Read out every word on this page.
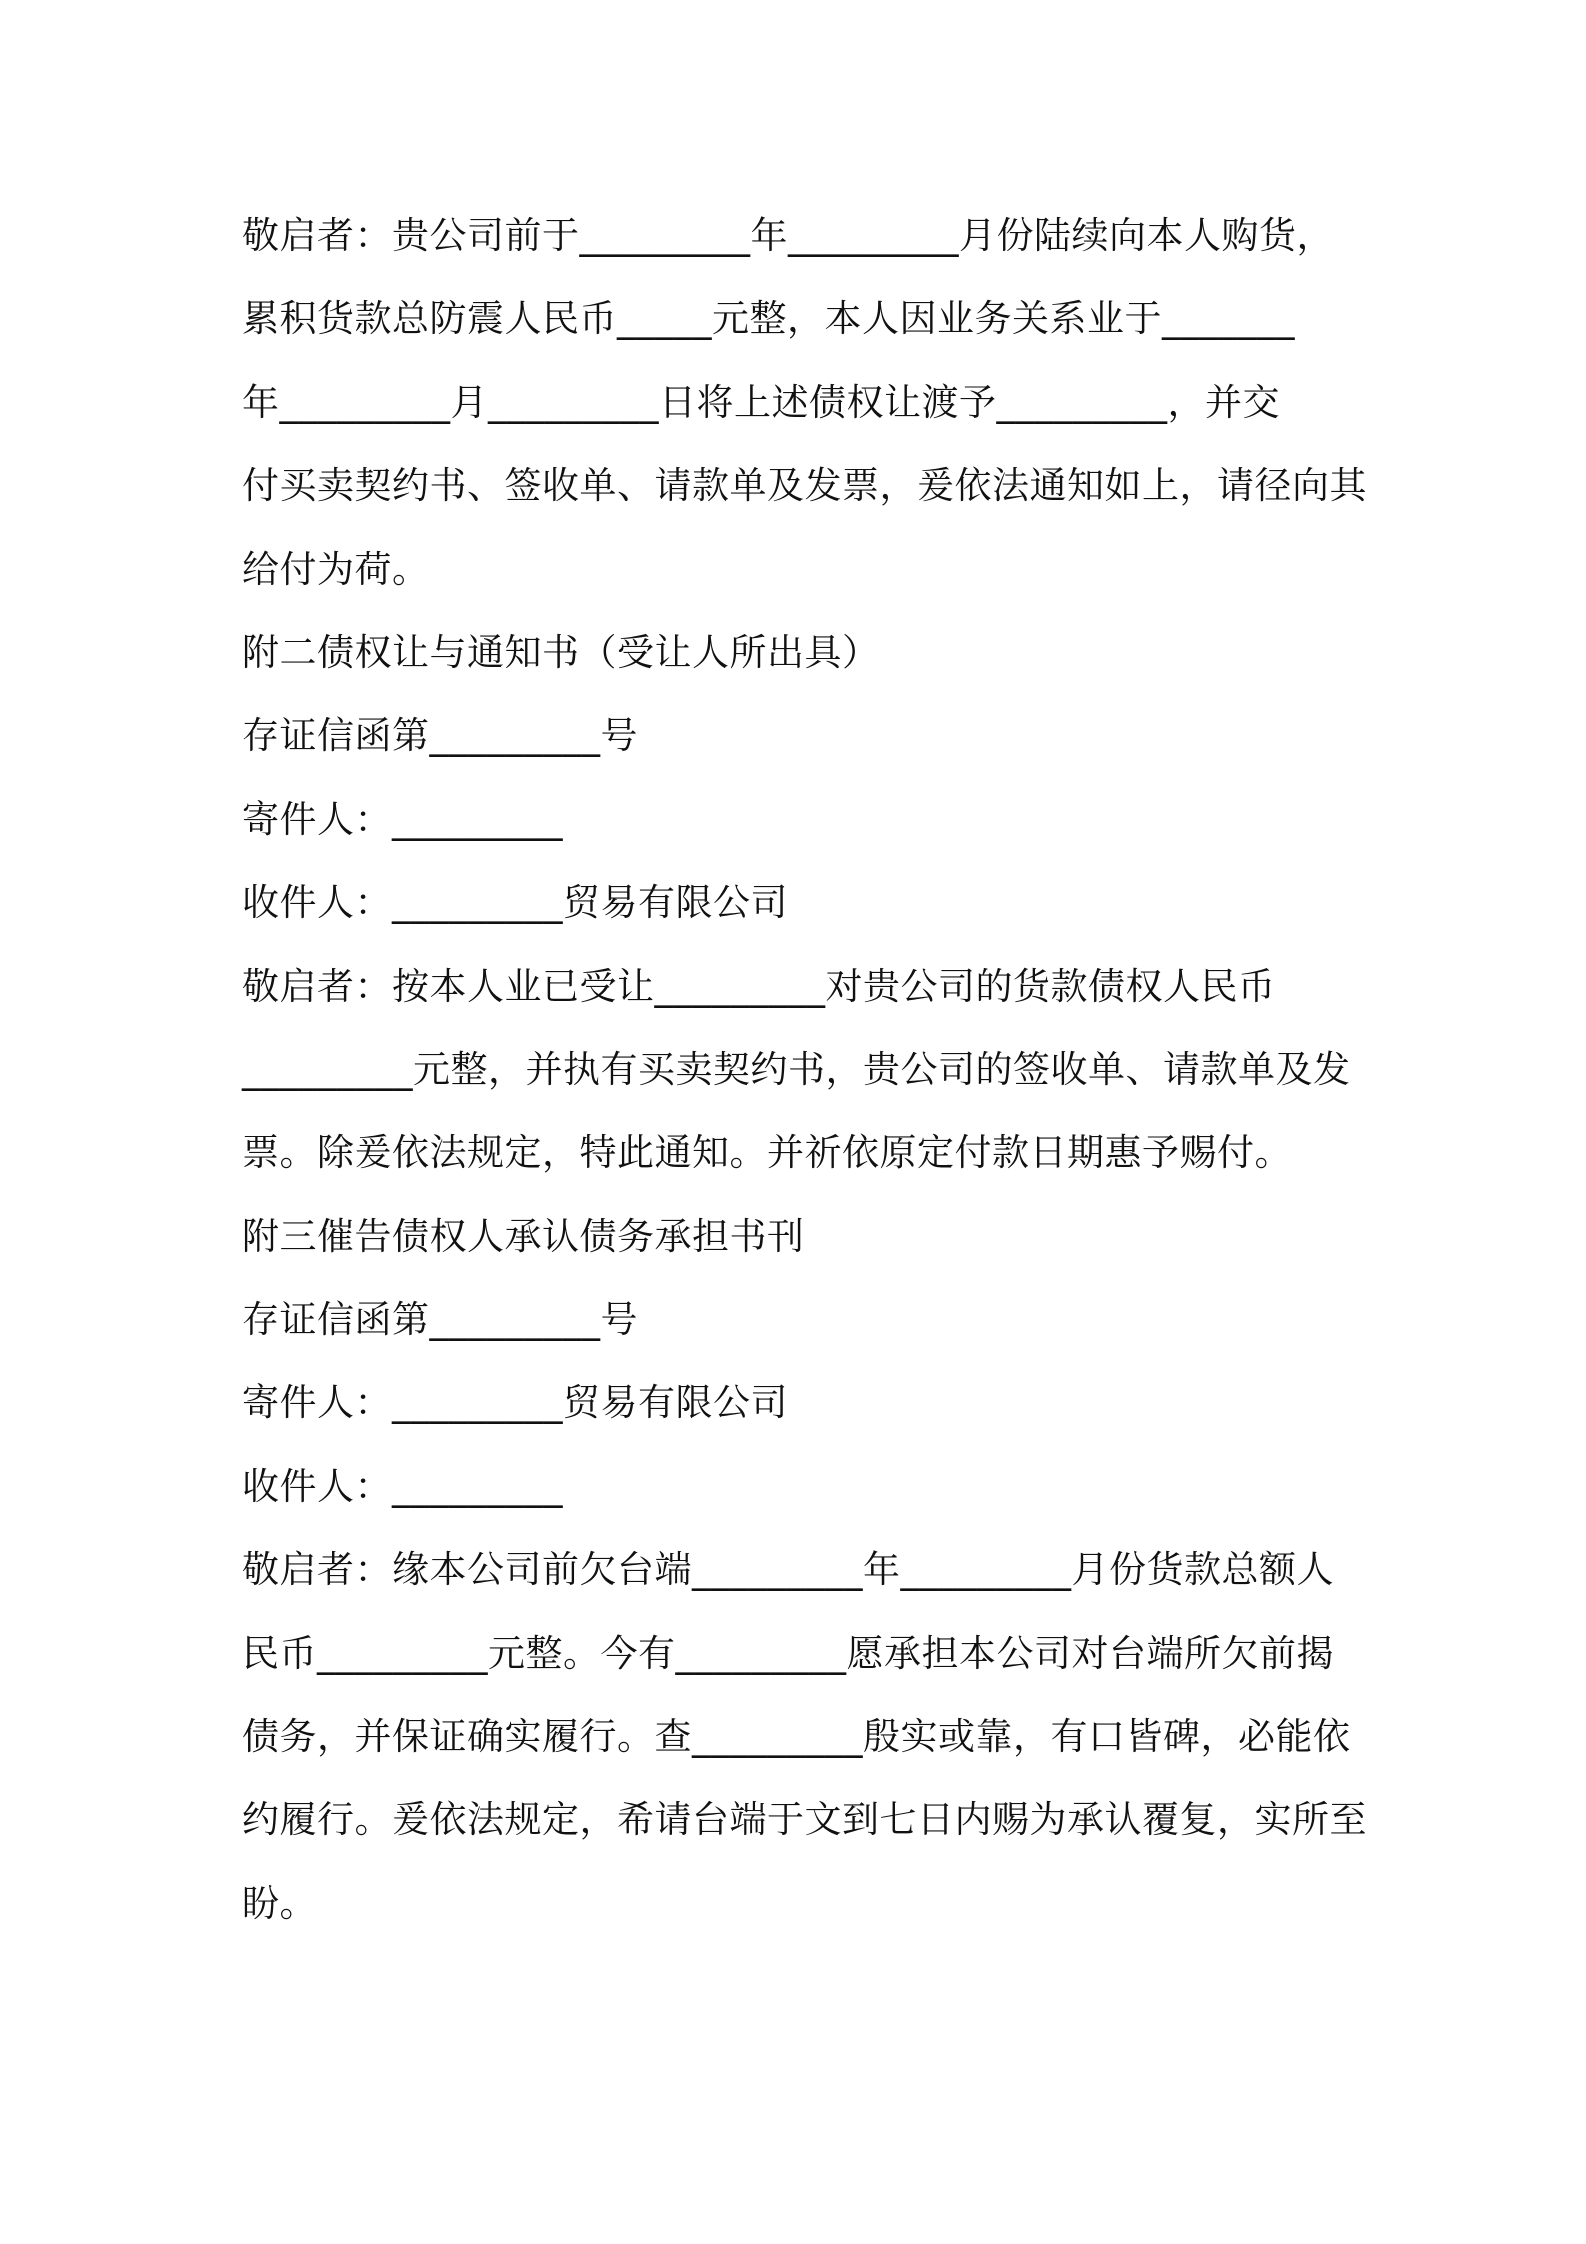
敬启者：贵公司前于_________年_________月份陆续向本人购货，
累积货款总防震人民币_____元整，本人因业务关系业于_______
年_________月_________日将上述债权让渡予_________，并交
付买卖契约书、签收单、请款单及发票，爰依法通知如上，请径向其
给付为荷。
附二债权让与通知书（受让人所出具）
存证信函第_________号
寄件人：_________
收件人：_________贸易有限公司
敬启者：按本人业已受让_________对贵公司的货款债权人民币
_________元整，并执有买卖契约书，贵公司的签收单、请款单及发
票。除爰依法规定，特此通知。并祈依原定付款日期惠予赐付。
附三催告债权人承认债务承担书刊
存证信函第_________号
寄件人：_________贸易有限公司
收件人：_________
敬启者：缘本公司前欠台端_________年_________月份货款总额人
民币_________元整。今有_________愿承担本公司对台端所欠前揭
债务，并保证确实履行。查_________殷实或靠，有口皆碑，必能依
约履行。爰依法规定，希请台端于文到七日内赐为承认覆复，实所至
盼。
